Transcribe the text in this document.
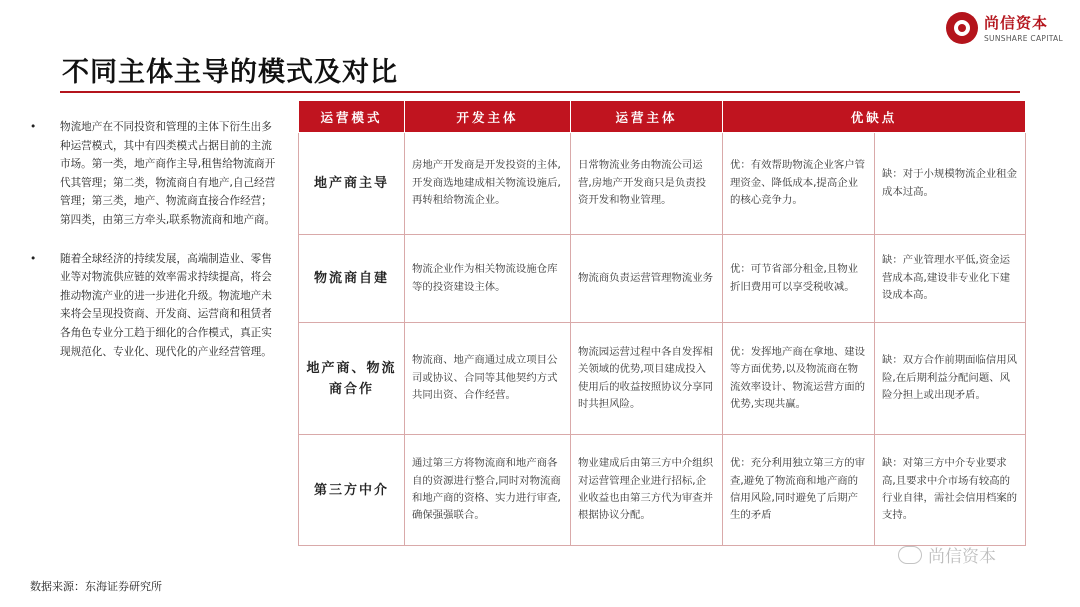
尚信资本
SUNSHARE CAPITAL
不同主体主导的模式及对比
• 物流地产在不同投资和管理的主体下衍生出多种运营模式，其中有四类模式占据目前的主流市场。第一类，地产商作主导,租售给物流商开代其管理；第二类，物流商自有地产,自己经营管理；第三类，地产、物流商直接合作经营；第四类，由第三方牵头,联系物流商和地产商。
• 随着全球经济的持续发展，高端制造业、零售业等对物流供应链的效率需求持续提高，将会推动物流产业的进一步进化升级。物流地产未来将会呈现投资商、开发商、运营商和租赁者各角色专业分工趋于细化的合作模式，真正实现规范化、专业化、现代化的产业经营管理。
运营模式	开发主体	运营主体	优缺点	
地产商主导	房地产开发商是开发投资的主体,开发商选地建成相关物流设施后,再转租给物流企业。	日常物流业务由物流公司运营,房地产开发商只是负责投资开发和物业管理。	优：有效帮助物流企业客户管理资金、降低成本,提高企业的核心竞争力。	缺：对于小规模物流企业租金成本过高。
物流商自建	物流企业作为相关物流设施仓库等的投资建设主体。	物流商负责运营管理物流业务	优：可节省部分租金,且物业折旧费用可以享受税收减。	缺：产业管理水平低,资金运营成本高,建设非专业化下建设成本高。
地产商、物流商合作	物流商、地产商通过成立项目公司或协议、合同等其他契约方式共同出资、合作经营。	物流园运营过程中各自发挥相关领域的优势,项目建成投入使用后的收益按照协议分享同时共担风险。	优：发挥地产商在拿地、建设等方面优势,以及物流商在物流效率设计、物流运营方面的优势,实现共赢。	缺：双方合作前期面临信用风险,在后期利益分配问题、风险分担上或出现矛盾。
第三方中介	通过第三方将物流商和地产商各自的资源进行整合,同时对物流商和地产商的资格、实力进行审查,确保强强联合。	物业建成后由第三方中介组织对运营管理企业进行招标,企业收益也由第三方代为审查并根据协议分配。	优：充分利用独立第三方的审查,避免了物流商和地产商的信用风险,同时避免了后期产生的矛盾	缺：对第三方中介专业要求高,且要求中介市场有较高的行业自律，需社会信用档案的支持。
数据来源：东海证券研究所
尚信资本
